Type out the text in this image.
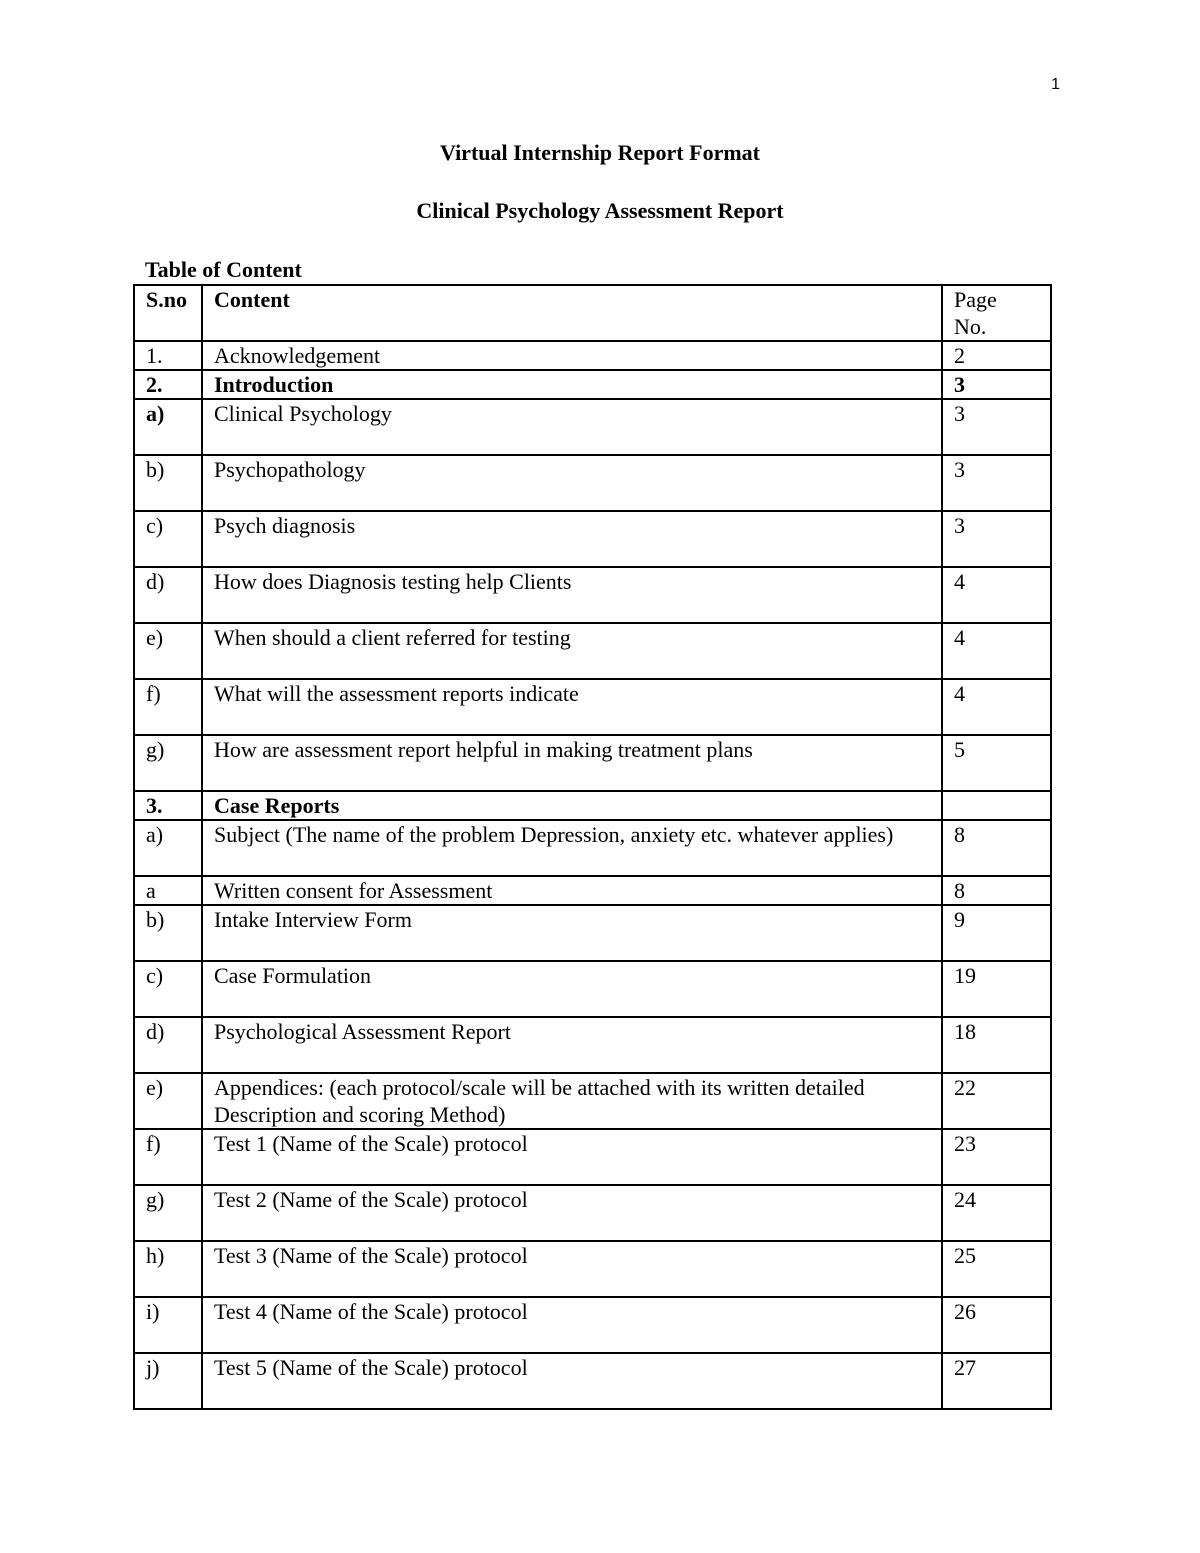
1
Virtual Internship Report Format
Clinical Psychology Assessment Report
Table of Content
S.no	Content	Page No.
1.	Acknowledgement	2
2.	Introduction	3
a)	Clinical Psychology	3
b)	Psychopathology	3
c)	Psych diagnosis	3
d)	How does Diagnosis testing help Clients	4
e)	When should a client referred for testing	4
f)	What will the assessment reports indicate	4
g)	How are assessment report helpful in making treatment plans	5
3.	Case Reports	
a)	Subject (The name of the problem Depression, anxiety etc. whatever applies)	8
a	Written consent for Assessment	8
b)	Intake Interview Form	9
c)	Case Formulation	19
d)	Psychological Assessment Report	18
e)	Appendices: (each protocol/scale will be attached with its written detailed Description and scoring Method)	22
f)	Test 1 (Name of the Scale) protocol	23
g)	Test 2 (Name of the Scale) protocol	24
h)	Test 3 (Name of the Scale) protocol	25
i)	Test 4 (Name of the Scale) protocol	26
j)	Test 5 (Name of the Scale) protocol	27
